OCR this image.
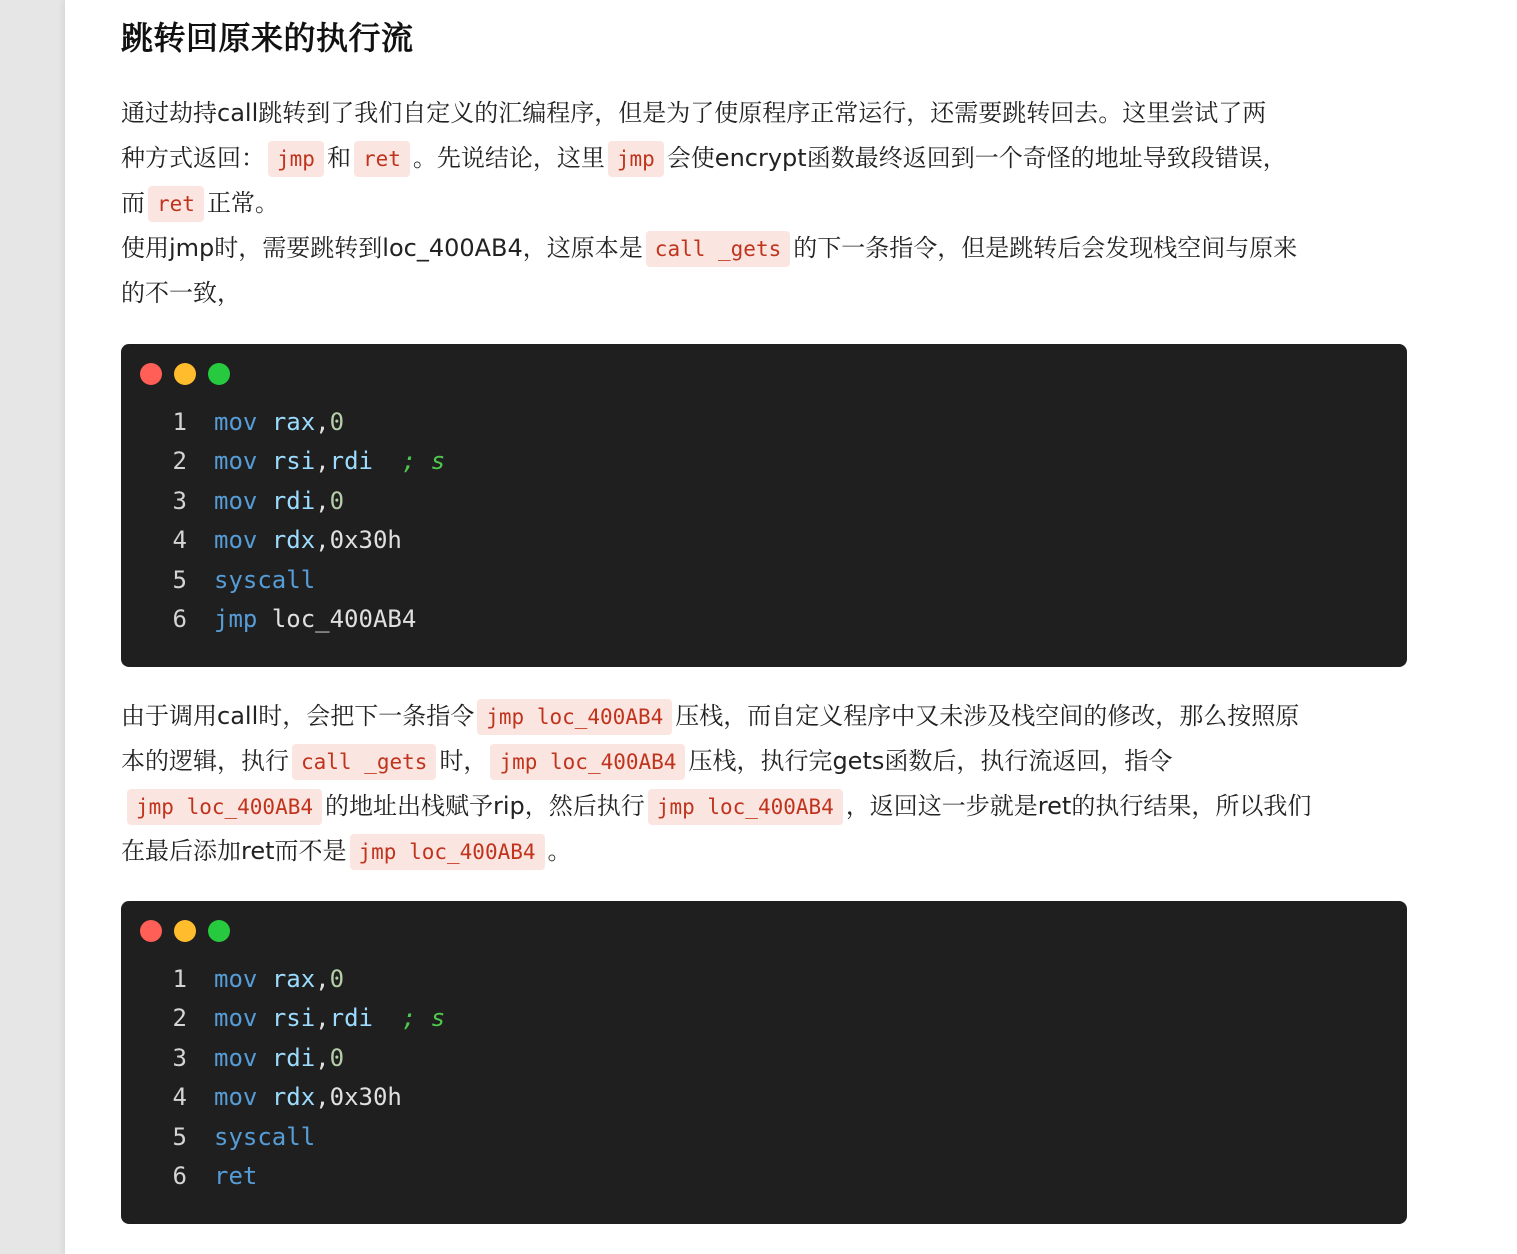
跳转回原来的执行流
通过劫持call跳转到了我们自定义的汇编程序，但是为了使原程序正常运行，还需要跳转回去。这里尝试了两
种方式返回： jmp 和 ret 。先说结论，这里 jmp 会使encrypt函数最终返回到一个奇怪的地址导致段错误，
而 ret 正常。
使用jmp时，需要跳转到loc_400AB4，这原本是 call _gets 的下一条指令，但是跳转后会发现栈空间与原来
的不一致，
1 mov rax,0
2 mov rsi,rdi ; s
3 mov rdi,0
4 mov rdx,0x30h
5 syscall
6 jmp loc_400AB4
由于调用call时，会把下一条指令 jmp loc_400AB4 压栈，而自定义程序中又未涉及栈空间的修改，那么按照原
本的逻辑，执行 call _gets 时， jmp loc_400AB4 压栈，执行完gets函数后，执行流返回，指令
jmp loc_400AB4 的地址出栈赋予rip，然后执行 jmp loc_400AB4 ，返回这一步就是ret的执行结果，所以我们
在最后添加ret而不是 jmp loc_400AB4 。
1 mov rax,0
2 mov rsi,rdi ; s
3 mov rdi,0
4 mov rdx,0x30h
5 syscall
6 ret
